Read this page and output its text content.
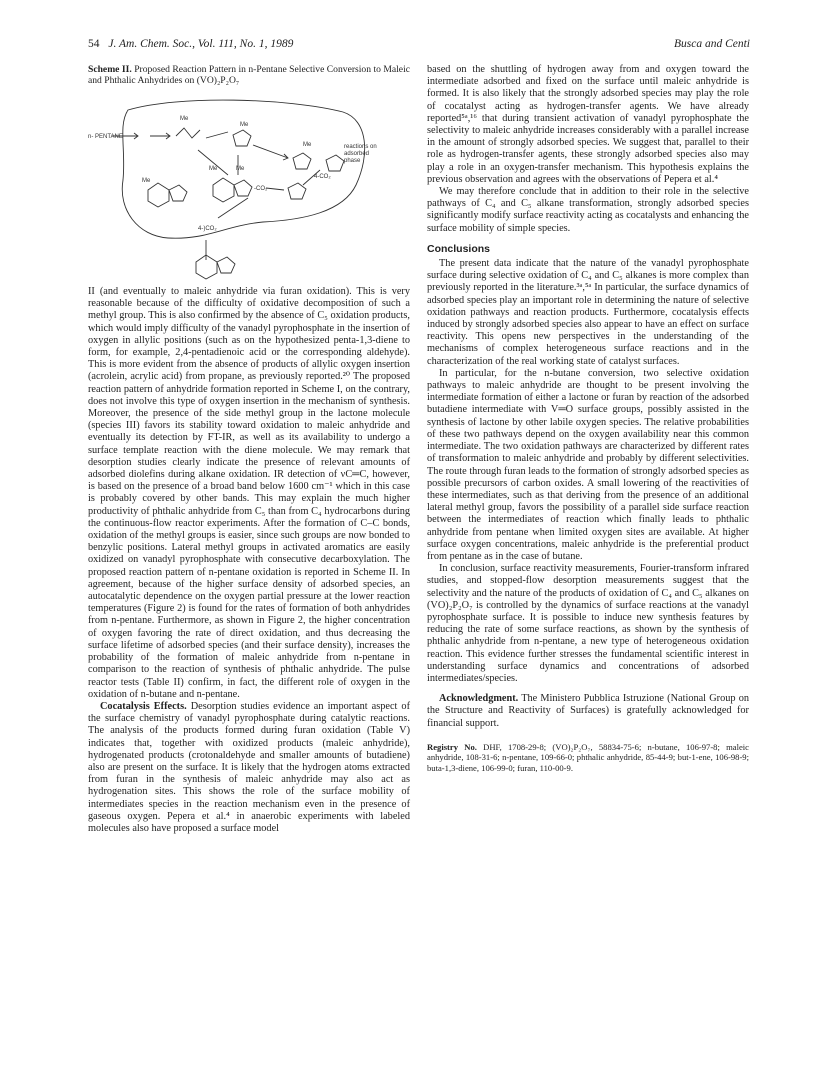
54 J. Am. Chem. Soc., Vol. 111, No. 1, 1989	Busca and Centi

Scheme II. Proposed Reaction Pattern in n-Pentane Selective Conversion to Maleic and Phthalic Anhydrides on (VO)₂P₂O₇

n- PENTANE
reactions on
adsorbed
phase
Me
Me
Me
Me	Me
Me
-CO₂
4-CO₂
4-)CO₂

II (and eventually to maleic anhydride via furan oxidation). This is very reasonable because of the difficulty of oxidative decomposition of such a methyl group. This is also confirmed by the absence of C₅ oxidation products, which would imply difficulty of the vanadyl pyrophosphate in the insertion of oxygen in allylic positions (such as on the hypothesized penta-1,3-diene to form, for example, 2,4-pentadienoic acid or the corresponding aldehyde). This is more evident from the absence of products of allylic oxygen insertion (acrolein, acrylic acid) from propane, as previously reported.²⁰ The proposed reaction pattern of anhydride formation reported in Scheme I, on the contrary, does not involve this type of oxygen insertion in the mechanism of synthesis. Moreover, the presence of the side methyl group in the lactone molecule (species III) favors its stability toward oxidation to maleic anhydride and eventually its detection by FT-IR, as well as its availability to undergo a surface template reaction with the diene molecule. We may remark that desorption studies clearly indicate the presence of relevant amounts of adsorbed diolefins during alkane oxidation. IR detection of νC═C, however, is based on the presence of a broad band below 1600 cm⁻¹ which in this case is probably covered by other bands. This may explain the much higher productivity of phthalic anhydride from C₅ than from C₄ hydrocarbons during the continuous-flow reactor experiments. After the formation of C–C bonds, oxidation of the methyl groups is easier, since such groups are now bonded to benzylic positions. Lateral methyl groups in activated aromatics are easily oxidized on vanadyl pyrophosphate with consecutive decarboxylation. The proposed reaction pattern of n-pentane oxidation is reported in Scheme II. In agreement, because of the higher surface density of adsorbed species, an autocatalytic dependence on the oxygen partial pressure at the lower reaction temperatures (Figure 2) is found for the rates of formation of both anhydrides from n-pentane. Furthermore, as shown in Figure 2, the higher concentration of oxygen favoring the rate of direct oxidation, and thus decreasing the surface lifetime of adsorbed species (and their surface density), increases the probability of the formation of maleic anhydride from n-pentane in comparison to the reaction of synthesis of phthalic anhydride. The pulse reactor tests (Table II) confirm, in fact, the different role of oxygen in the oxidation of n-butane and n-pentane.

Cocatalysis Effects. Desorption studies evidence an important aspect of the surface chemistry of vanadyl pyrophosphate during catalytic reactions. The analysis of the products formed during furan oxidation (Table V) indicates that, together with oxidized products (maleic anhydride), hydrogenated products (crotonaldehyde and smaller amounts of butadiene) also are present on the surface. It is likely that the hydrogen atoms extracted from furan in the synthesis of maleic anhydride may also act as hydrogenation sites. This shows the role of the surface mobility of intermediates species in the reaction mechanism even in the presence of gaseous oxygen. Pepera et al.⁴ in anaerobic experiments with labeled molecules also have proposed a surface model

based on the shuttling of hydrogen away from and oxygen toward the intermediate adsorbed and fixed on the surface until maleic anhydride is formed. It is also likely that the strongly adsorbed species may play the role of cocatalyst acting as hydrogen-transfer agents. We have already reported⁵ᵃ,¹⁶ that during transient activation of vanadyl pyrophosphate the selectivity to maleic anhydride increases considerably with a parallel increase in the amount of strongly adsorbed species. We suggest that, parallel to their role as hydrogen-transfer agents, these strongly adsorbed species also may play a role in an oxygen-transfer mechanism. This hypothesis explains the previous observation and agrees with the observations of Pepera et al.⁴

We may therefore conclude that in addition to their role in the selective pathways of C₄ and C₅ alkane transformation, strongly adsorbed species significantly modify surface reactivity acting as cocatalysts and enhancing the surface mobility of simple species.

Conclusions

The present data indicate that the nature of the vanadyl pyrophosphate surface during selective oxidation of C₄ and C₅ alkanes is more complex than previously reported in the literature.³ᵃ,⁵ᵃ In particular, the surface dynamics of adsorbed species play an important role in determining the nature of selective oxidation pathways and reaction products. Furthermore, cocatalysis effects induced by strongly adsorbed species also appear to have an effect on surface reactivity. This opens new perspectives in the understanding of the mechanisms of complex heterogeneous surface reactions and in the characterization of the real working state of catalyst surfaces.

In particular, for the n-butane conversion, two selective oxidation pathways to maleic anhydride are thought to be present involving the intermediate formation of either a lactone or furan by reaction of the adsorbed butadiene intermediate with V═O surface groups, possibly assisted in the synthesis of lactone by other labile oxygen species. The relative probabilities of these two pathways depend on the oxygen availability near this common intermediate. The two oxidation pathways are characterized by different rates of transformation to maleic anhydride and probably by different selectivities. The route through furan leads to the formation of strongly adsorbed species as possible precursors of carbon oxides. A small lowering of the reactivities of these intermediates, such as that deriving from the presence of an additional lateral methyl group, favors the possibility of a parallel side surface reaction between the intermediates of reaction which finally leads to phthalic anhydride from pentane when limited oxygen sites are available. At higher surface oxygen concentrations, maleic anhydride is the preferential product from pentane as in the case of butane.

In conclusion, surface reactivity measurements, Fourier-transform infrared studies, and stopped-flow desorption measurements suggest that the selectivity and the nature of the products of oxidation of C₄ and C₅ alkanes on (VO)₂P₂O₇ is controlled by the dynamics of surface reactions at the vanadyl pyrophosphate surface. It is possible to induce new synthesis features by reducing the rate of some surface reactions, as shown by the synthesis of phthalic anhydride from n-pentane, a new type of heterogeneous oxidation reaction. This evidence further stresses the fundamental scientific interest in understanding surface dynamics and concentrations of adsorbed intermediates/species.

Acknowledgment. The Ministero Pubblica Istruzione (National Group on the Structure and Reactivity of Surfaces) is gratefully acknowledged for financial support.

Registry No. DHF, 1708-29-8; (VO)₂P₂O₇, 58834-75-6; n-butane, 106-97-8; maleic anhydride, 108-31-6; n-pentane, 109-66-0; phthalic anhydride, 85-44-9; but-1-ene, 106-98-9; buta-1,3-diene, 106-99-0; furan, 110-00-9.
